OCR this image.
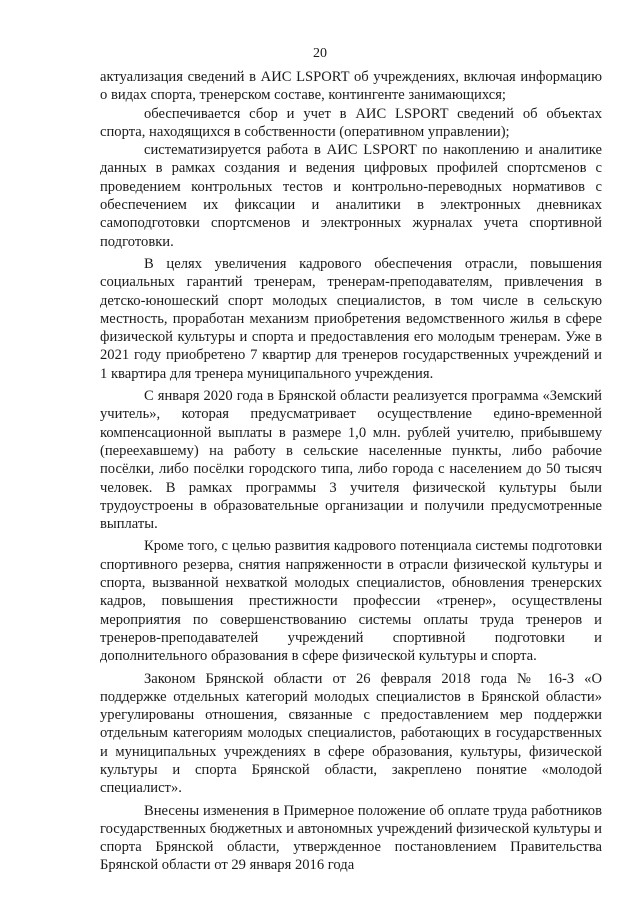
20

актуализация сведений в АИС LSPORT об учреждениях, включая информацию о видах спорта, тренерском составе, контингенте занимающихся;

обеспечивается сбор и учет в АИС LSPORT сведений об объектах спорта, находящихся в собственности (оперативном управлении);

систематизируется работа в АИС LSPORT по накоплению и аналитике данных в рамках создания и ведения цифровых профилей спортсменов с проведением контрольных тестов и контрольно-переводных нормативов с обеспечением их фиксации и аналитики в электронных дневниках самоподготовки спортсменов и электронных журналах учета спортивной подготовки.

В целях увеличения кадрового обеспечения отрасли, повышения социальных гарантий тренерам, тренерам-преподавателям, привлечения в детско-юношеский спорт молодых специалистов, в том числе в сельскую местность, проработан механизм приобретения ведомственного жилья в сфере физической культуры и спорта и предоставления его молодым тренерам. Уже в 2021 году приобретено 7 квартир для тренеров государственных учреждений и 1 квартира для тренера муниципального учреждения.

С января 2020 года в Брянской области реализуется программа «Земский учитель», которая предусматривает осуществление едино-временной компенсационной выплаты в размере 1,0 млн. рублей учителю, прибывшему (переехавшему) на работу в сельские населенные пункты, либо рабочие посёлки, либо посёлки городского типа, либо города с населением до 50 тысяч человек. В рамках программы 3 учителя физической культуры были трудоустроены в образовательные организации и получили предусмотренные выплаты.

Кроме того, с целью развития кадрового потенциала системы подготовки спортивного резерва, снятия напряженности в отрасли физической культуры и спорта, вызванной нехваткой молодых специалистов, обновления тренерских кадров, повышения престижности профессии «тренер», осуществлены мероприятия по совершенствованию системы оплаты труда тренеров и тренеров-преподавателей учреждений спортивной подготовки и дополнительного образования в сфере физической культуры и спорта.

Законом Брянской области от 26 февраля 2018 года № 16-З «О поддержке отдельных категорий молодых специалистов в Брянской области» урегулированы отношения, связанные с предоставлением мер поддержки отдельным категориям молодых специалистов, работающих в государственных и муниципальных учреждениях в сфере образования, культуры, физической культуры и спорта Брянской области, закреплено понятие «молодой специалист».

Внесены изменения в Примерное положение об оплате труда работников государственных бюджетных и автономных учреждений физической культуры и спорта Брянской области, утвержденное постановлением Правительства Брянской области от 29 января 2016 года
